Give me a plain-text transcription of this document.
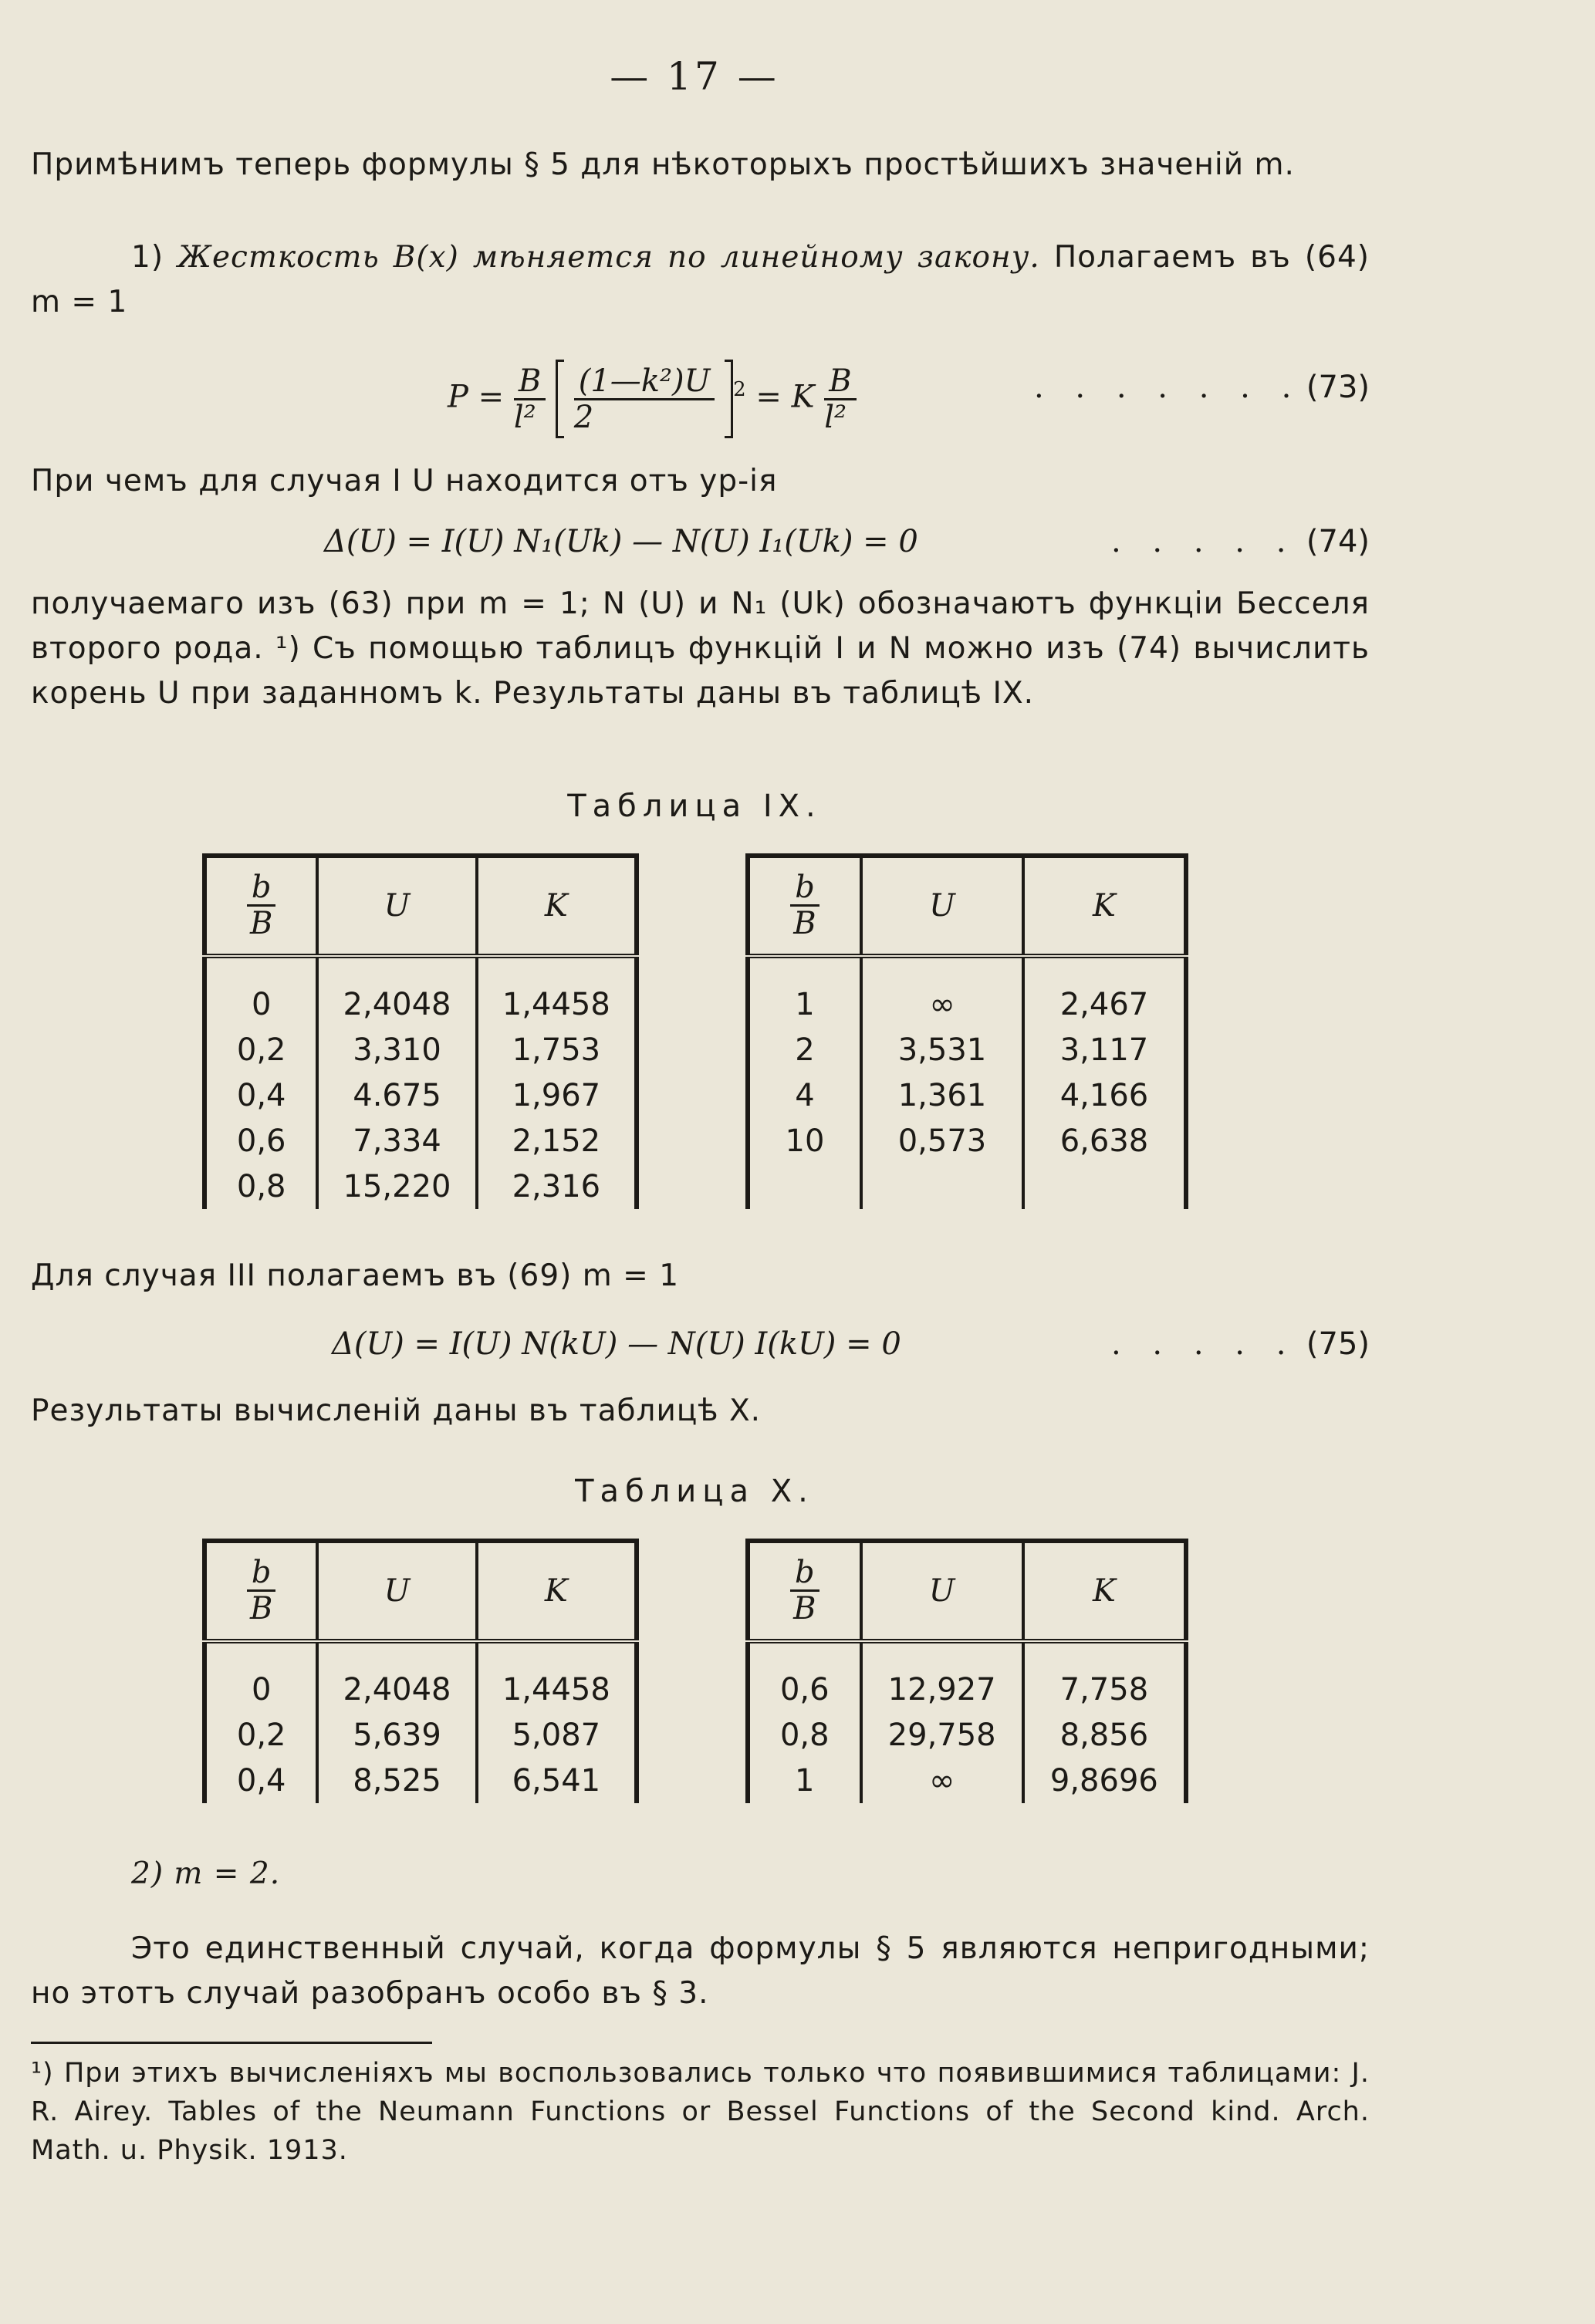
— 17 —
Примѣнимъ теперь формулы § 5 для нѣкоторыхъ простѣйшихъ значеній m.
1) Жесткость B(x) мѣняется по линейному закону. Полагаемъ въ (64) m = 1
$P = \frac{B}{\text{l²}}$
$\frac{\text{(1—k²)U}}{2} ^2 = K \frac{B}{\text{l²}}$	. . . . . . . (73)
При чемъ для случая I U находится отъ ур-ія
Δ(U) = I(U) N₁(Uk) — N(U) I₁(Uk) = 0	. . . . . (74)
получаемаго изъ (63) при m = 1; N (U) и N₁ (Uk) обозначаютъ функціи Бесселя второго рода. ¹) Съ помощью таблицъ функцій I и N можно изъ (74) вычислить корень U при заданномъ k. Результаты даны въ таблицѣ IX.
Таблица IX.
$\frac{b}{B}$	U	K
0	2,4048	1,4458
0,2	3,310	1,753
0,4	4.675	1,967
0,6	7,334	2,152
0,8	15,220	2,316
$\frac{b}{B}$	U	K
1	∞	2,467
2	3,531	3,117
4	1,361	4,166
10	0,573	6,638

Для случая III полагаемъ въ (69) m = 1
Δ(U) = I(U) N(kU) — N(U) I(kU) = 0	. . . . . (75)
Результаты вычисленій даны въ таблицѣ X.
Таблица X.
$\frac{b}{B}$	U	K
0	2,4048	1,4458
0,2	5,639	5,087
0,4	8,525	6,541
$\frac{b}{B}$	U	K
0,6	12,927	7,758
0,8	29,758	8,856
1	∞	9,8696
2) m = 2.
Это единственный случай, когда формулы § 5 являются непригодными; но этотъ случай разобранъ особо въ § 3.
¹) При этихъ вычисленіяхъ мы воспользовались только что появившимися таблицами: J. R. Airey. Tables of the Neumann Functions or Bessel Functions of the Second kind. Arch. Math. u. Physik. 1913.
